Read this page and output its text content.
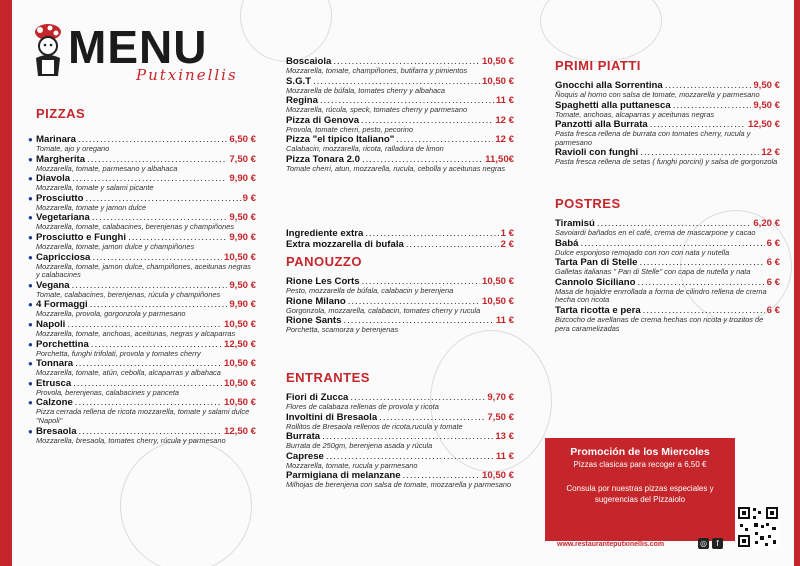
MENU
Putxinellis
PIZZAS
● Marinara .....	6,50 €
Tomate, ajo y oregano
● Margherita .....	7,50 €
Mozzarella, tomate, parmesano y albahaca
● Diavola .....	9,90 €
Mozzarella, tomate y salami picante
● Prosciutto .....	9 €
Mozzarella, tomate y jamon dulce
● Vegetariana .....	9,50 €
Mozzarella, tomate, calabacines, berenjenas y champiñones
● Prosciutto e Funghi .....	9,90 €
Mozzarella, tomate, jamon dulce y champiñones
● Capricciosa .....	10,50 €
Mozzarella, tomate, jamon dulce, champiñones, aceitunas negras y calabacines
● Vegana .....	9,50 €
Tomate, calabacines, berenjenas, rúcula y champiñones
● 4 Formaggi .....	9,90 €
Mozzarella, provola, gorgonzola y parmesano
● Napoli .....	10,50 €
Mozzarella, tomate, anchoas, aceitunas, negras y alcaparras
● Porchettina .....	12,50 €
Porchetta, funghi trifolati, provola y tomates cherry
● Tonnara .....	10,50 €
Mozzarella, tomate, atún, cebolla, alcaparras y albahaca
● Etrusca .....	10,50 €
Provola, berenjenas, calabacines y panceta
● Calzone .....	10,50 €
Pizza cerrada rellena de ricota mozzarella, tomate y salami dulce "Napoli"
● Bresaola .....	12,50 €
Mozzarella, bresaola, tomates cherry, rúcula y parmesano
Boscaiola .....	10,50 €
Mozzarella, tomate, champiñones, butifarra y pimientos
S.G.T .....	10,50 €
Mozzarella de búfala, tomates cherry y albahaca
Regina .....	11 €
Mozzarella, rúcula, speck, tomates cherry y parmesano
Pizza di Genova .....	12 €
Provola, tomate cherri, pesto, pecorino
Pizza "el tipico Italiano" .....	12 €
Calabacin, mozzarella, ricota, ralladura de limon
Pizza Tonara 2.0 .....	11,50€
Tomate cherri, atun, mozzarella, rucula, cebolla y aceitunas negras
Ingrediente extra .....	1 €
Extra mozzarella di bufala .....	2 €
PANOUZZO
Rione Les Corts .....	10,50 €
Pesto, mozzarella de búfala, calabacin y berenjena
Rione Milano .....	10,50 €
Gorgonzola, mozzarella, calabacin, tomates cherry y rucula
Rione Sants .....	11 €
Porchetta, scamorza y berenjenas
ENTRANTES
Fiori di Zucca .....	9,70 €
Flores de calabaza rellenas de provola y ricota
Involtini di Bresaola .....	7,50 €
Rollitos de Bresaola rellenos de ricota,rucula y tomate
Burrata .....	13 €
Burrata de 250gm, berenjena asada y rúcula
Caprese .....	11 €
Mozzarella, tomate, rucula y parmesano
Parmigiana di melanzane .....	10,50 €
Milhojas de berenjena con salsa de tomate, mozzarella y parmesano
PRIMI PIATTI
Gnocchi alla Sorrentina .....	9,50 €
Ñoquis al horno con salsa de tomate, mozzarella y parmesano
Spaghetti alla puttanesca .....	9,50 €
Tomate, anchoas, alcaparras y aceitunas negras
Panzotti alla Burrata .....	12,50 €
Pasta fresca rellena de burrata con tomates cherry, rucula y parmesano
Ravioli con funghi .....	12 €
Pasta fresca rellena de setas ( funghi porcini) y salsa de gorgonzola
POSTRES
Tiramisú .....	6,20 €
Savoiardi bañados en el café, crema de mascarpone y cacao
Babá .....	6 €
Dulce esponjoso remojado con ron con nata y nutella
Tarta Pan di Stelle .....	6 €
Galletas italianas " Pan di Stelle" con capa de nutella y nata
Cannolo Siciliano .....	6 €
Masa de hojaldre enrrollada a forma de cilindro rellena de crema hecha con ricota
Tarta ricotta e pera .....	6 €
Bizcocho de avellanas de crema hechas con ricota y trozitos de pera caramelizadas
Promoción de los Miercoles
Pizzas clasicas para recoger a 6,50 €
Consula por nuestras pizzas especiales y sugerencias del Pizzaiolo
www.restauranteputxinellis.com	◎	f
